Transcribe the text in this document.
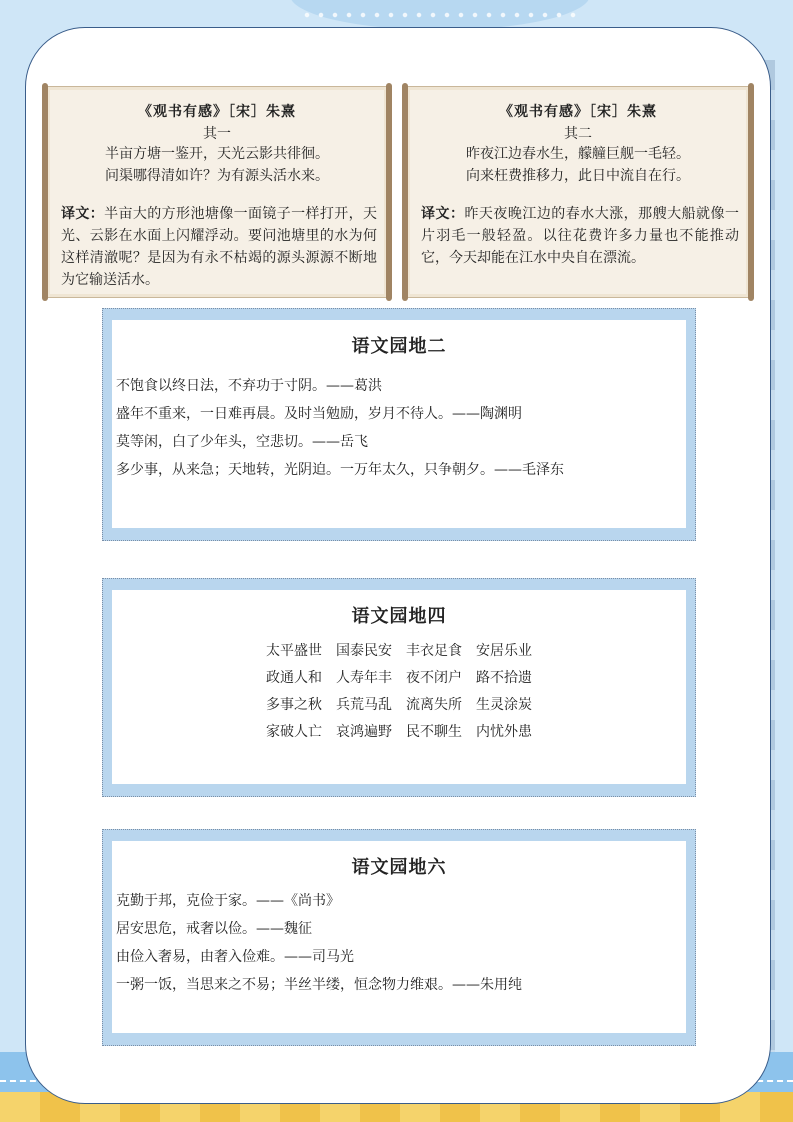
《观书有感》［宋］朱熹
其一
半亩方塘一鉴开，天光云影共徘徊。
问渠哪得清如许？为有源头活水来。
译文：半亩大的方形池塘像一面镜子一样打开，天光、云影在水面上闪耀浮动。要问池塘里的水为何这样清澈呢？是因为有永不枯竭的源头源源不断地为它输送活水。
《观书有感》［宋］朱熹
其二
昨夜江边春水生，艨艟巨舰一毛轻。
向来枉费推移力，此日中流自在行。
译文：昨天夜晚江边的春水大涨，那艘大船就像一片羽毛一般轻盈。以往花费许多力量也不能推动它，今天却能在江水中央自在漂流。
语文园地二
不饱食以终日法，不弃功于寸阴。——葛洪
盛年不重来，一日难再晨。及时当勉励，岁月不待人。——陶渊明
莫等闲，白了少年头，空悲切。——岳飞
多少事，从来急；天地转，光阴迫。一万年太久，只争朝夕。——毛泽东
语文园地四
太平盛世　国泰民安　丰衣足食　安居乐业
政通人和　人寿年丰　夜不闭户　路不拾遗
多事之秋　兵荒马乱　流离失所　生灵涂炭
家破人亡　哀鸿遍野　民不聊生　内忧外患
语文园地六
克勤于邦，克俭于家。——《尚书》
居安思危，戒奢以俭。——魏征
由俭入奢易，由奢入俭难。——司马光
一粥一饭，当思来之不易；半丝半缕，恒念物力维艰。——朱用纯
